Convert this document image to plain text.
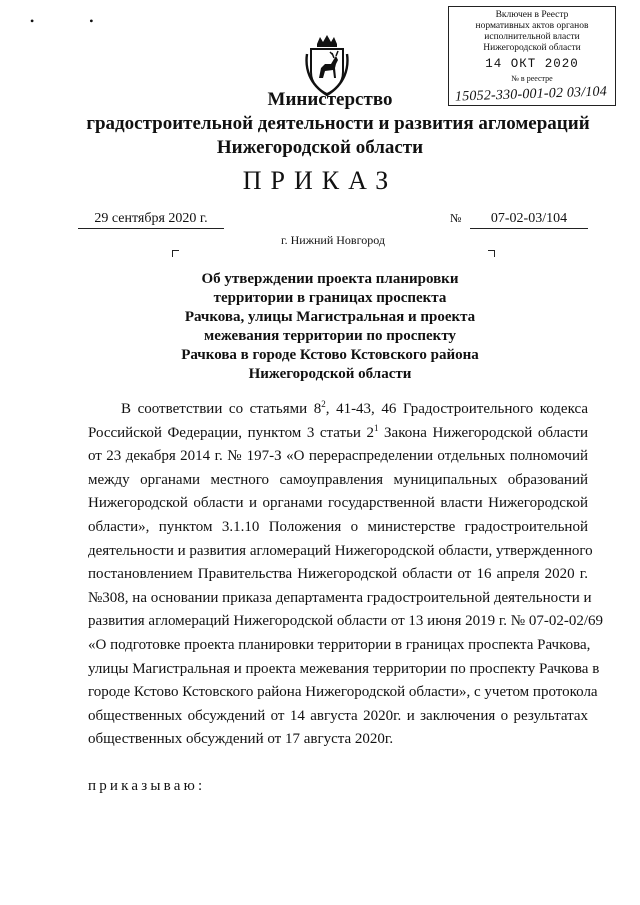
• •	Включен в Реестр
нормативных актов органов
исполнительной власти
Нижегородской области
14 ОКТ 2020
№ в реестре
15052-330-001-02 03/104
Министерство
градостроительной деятельности и развития агломераций
Нижегородской области
ПРИКАЗ
29 сентября 2020 г.	№	07-02-03/104
г. Нижний Новгород
Об утверждении проекта планировки
территории в границах проспекта
Рачкова, улицы Магистральная и проекта
межевания территории по проспекту
Рачкова в городе Кстово Кстовского района
Нижегородской области
В соответствии со статьями $8^2$, 41-43, 46 Градостроительного кодекса
Российской Федерации, пунктом 3 статьи $2^1$ Закона Нижегородской области
от 23 декабря 2014 г. № 197-З «О перераспределении отдельных полномочий
между органами местного самоуправления муниципальных образований
Нижегородской области и органами государственной власти Нижегородской
области», пунктом 3.1.10 Положения о министерстве градостроительной
деятельности и развития агломераций Нижегородской области, утвержденного
постановлением Правительства Нижегородской области от 16 апреля 2020 г.
№308, на основании приказа департамента градостроительной деятельности и
развития агломераций Нижегородской области от 13 июня 2019 г. № 07-02-02/69
«О подготовке проекта планировки территории в границах проспекта Рачкова,
улицы Магистральная и проекта межевания территории по проспекту Рачкова в
городе Кстово Кстовского района Нижегородской области», с учетом протокола
общественных обсуждений от 14 августа 2020г. и заключения о результатах
общественных обсуждений от 17 августа 2020г.
приказываю:
